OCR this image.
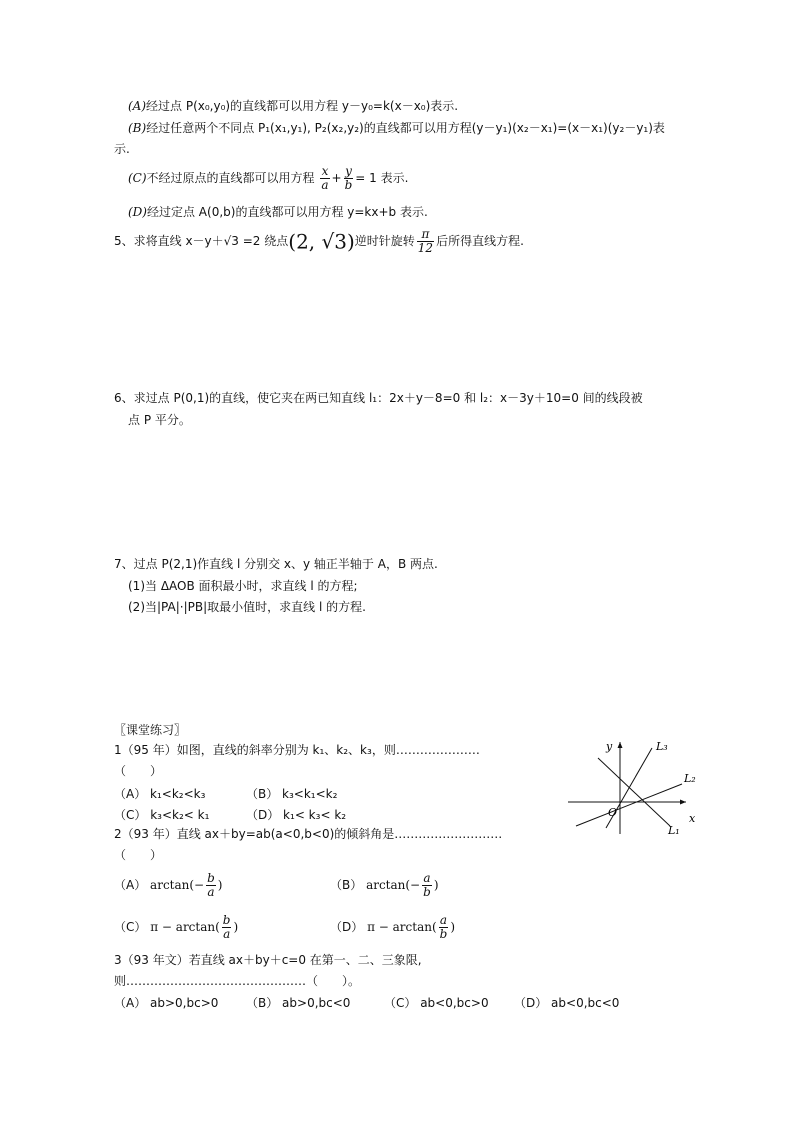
(A)经过点 P(x₀,y₀)的直线都可以用方程 y－y₀=k(x－x₀)表示.
(B)经过任意两个不同点 P₁(x₁,y₁), P₂(x₂,y₂)的直线都可以用方程(y－y₁)(x₂－x₁)=(x－x₁)(y₂－y₁)表
示.
(C)不经过原点的直线都可以用方程 $\frac{x}{a} + \frac{y}{b} = 1$ 表示.
(D)经过定点 A(0,b)的直线都可以用方程 y=kx+b 表示.
5、求将直线 x－y＋√3 =2 绕点(2, √3)逆时针旋转 $\frac{\pi}{12}$ 后所得直线方程.
6、求过点 P(0,1)的直线，使它夹在两已知直线 l₁：2x＋y－8=0 和 l₂：x－3y＋10=0 间的线段被
点 P 平分。
7、过点 P(2,1)作直线 l 分别交 x、y 轴正半轴于 A，B 两点.
(1)当 ΔAOB 面积最小时，求直线 l 的方程;
(2)当|PA|·|PB|取最小值时，求直线 l 的方程.
〖课堂练习〗
1（95 年）如图，直线的斜率分别为 k₁、k₂、k₃，则…………………
（　　）
（A） k₁<k₂<k₃	（B） k₃<k₁<k₂
（C） k₃<k₂< k₁	（D） k₁< k₃< k₂
2（93 年）直线 ax＋by=ab(a<0,b<0)的倾斜角是………………………
（　　）
（A） $\arctan(- \frac{b}{a}$ )	（B） $\arctan(- \frac{a}{b}$ )
（C） $\pi - \arctan( \frac{b}{a}$ )	（D） $\pi - \arctan( \frac{a}{b}$ )
3（93 年文）若直线 ax＋by＋c=0 在第一、二、三象限,
则………………………………………（　　）。
（A） ab>0,bc>0 （B） ab>0,bc<0	（C） ab<0,bc>0 （D） ab<0,bc<0
y
x
O
L₁
L₂
L₃
